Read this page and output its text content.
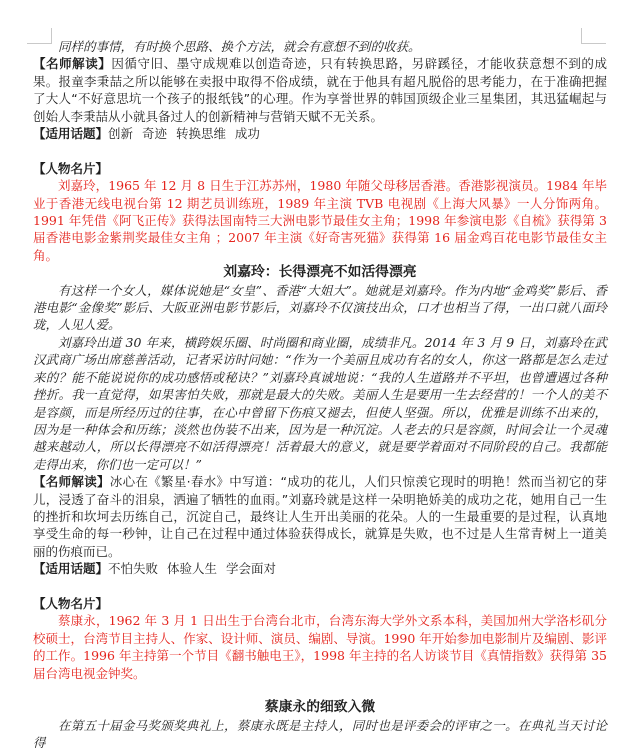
同样的事情，有时换个思路、换个方法，就会有意想不到的收获。

【名师解读】因循守旧、墨守成规难以创造奇迹，只有转换思路，另辟蹊径，才能收获意想不到的成果。报童李秉喆之所以能够在卖报中取得不俗成绩，就在于他具有超凡脱俗的思考能力，在于准确把握了大人“不好意思坑一个孩子的报纸钱”的心理。作为享誉世界的韩国顶级企业三星集团，其迅猛崛起与创始人李秉喆从小就具备过人的创新精神与营销天赋不无关系。

【适用话题】创新 奇迹 转换思维 成功

【人物名片】

刘嘉玲，1965 年 12 月 8 日生于江苏苏州，1980 年随父母移居香港。香港影视演员。1984 年毕业于香港无线电视台第 12 期艺员训练班，1989 年主演 TVB 电视剧《上海大风暴》一人分饰两角。1991 年凭借《阿飞正传》获得法国南特三大洲电影节最佳女主角；1998 年参演电影《自梳》获得第 3 届香港电影金紫荆奖最佳女主角 ；2007 年主演《好奇害死猫》获得第 16 届金鸡百花电影节最佳女主角。

刘嘉玲：长得漂亮不如活得漂亮

有这样一个女人，媒体说她是“女皇”、香港“大姐大”。她就是刘嘉玲。作为内地“金鸡奖”影后、香港电影“金像奖”影后、大阪亚洲电影节影后，刘嘉玲不仅演技出众，口才也相当了得，一出口就八面玲珑，人见人爱。

刘嘉玲出道 30 年来，横跨娱乐圈、时尚圈和商业圈，成绩非凡。2014 年 3 月 9 日，刘嘉玲在武汉武商广场出席慈善活动，记者采访时问她：“作为一个美丽且成功有名的女人，你这一路都是怎么走过来的？能不能说说你的成功感悟或秘诀？”刘嘉玲真诚地说：“我的人生道路并不平坦，也曾遭遇过各种挫折。我一直觉得，如果害怕失败，那就是最大的失败。美丽人生是要用一生去经营的！一个人的美不是容颜，而是所经历过的往事，在心中曾留下伤痕又褪去，但使人坚强。所以，优雅是训练不出来的，因为是一种体会和历练；淡然也伪装不出来，因为是一种沉淀。人老去的只是容颜，时间会让一个灵魂越来越动人，所以长得漂亮不如活得漂亮！活着最大的意义，就是要学着面对不同阶段的自己。我都能走得出来，你们也一定可以！”

【名师解读】冰心在《繁星·春水》中写道：“成功的花儿，人们只惊羡它现时的明艳！然而当初它的芽儿，浸透了奋斗的泪泉，洒遍了牺牲的血雨。”刘嘉玲就是这样一朵明艳娇美的成功之花，她用自己一生的挫折和坎坷去历练自己，沉淀自己，最终让人生开出美丽的花朵。人的一生最重要的是过程，认真地享受生命的每一秒钟，让自己在过程中通过体验获得成长，就算是失败，也不过是人生常青树上一道美丽的伤痕而已。

【适用话题】不怕失败 体验人生 学会面对

【人物名片】

蔡康永，1962 年 3 月 1 日出生于台湾台北市，台湾东海大学外文系本科，美国加州大学洛杉矶分校硕士，台湾节目主持人、作家、设计师、演员、编剧、导演。1990 年开始参加电影制片及编剧、影评的工作。1996 年主持第一个节目《翻书触电王》，1998 年主持的名人访谈节目《真情指数》获得第 35 届台湾电视金钟奖。

蔡康永的细致入微

在第五十届金马奖颁奖典礼上，蔡康永既是主持人，同时也是评委会的评审之一。在典礼当天讨论得
